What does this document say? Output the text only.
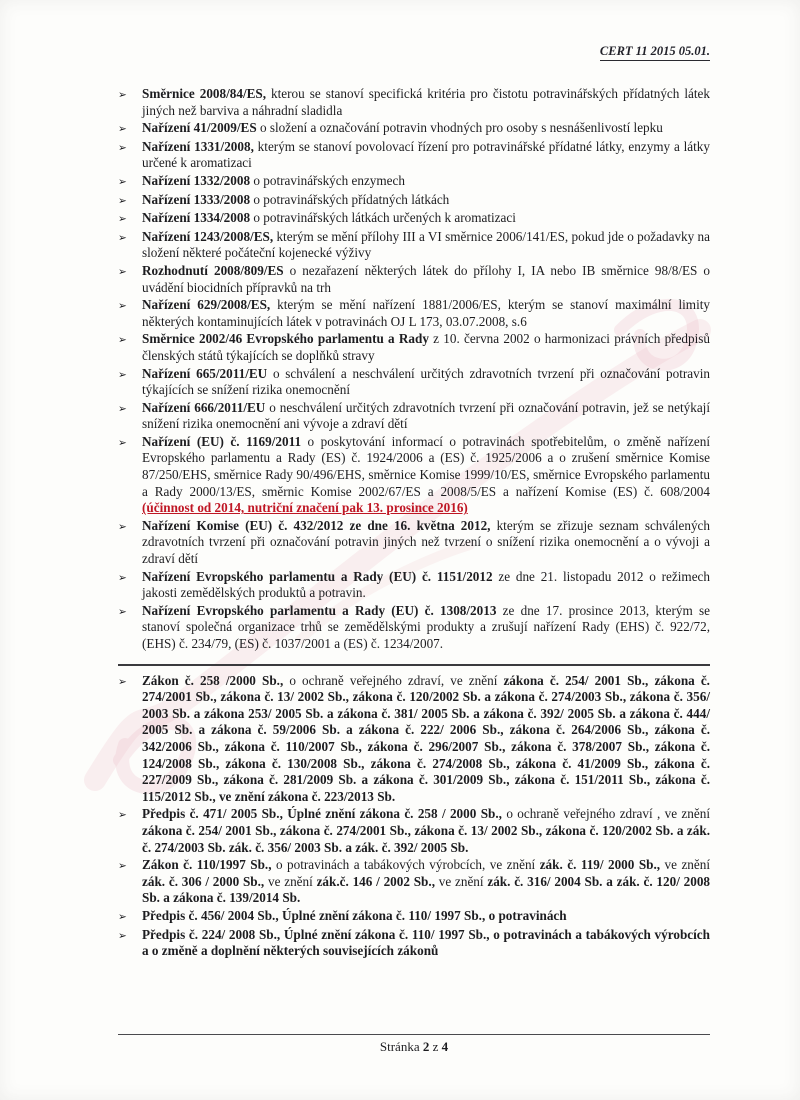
CERT 11 2015 05.01.
➢	Směrnice 2008/84/ES, kterou se stanoví specifická kritéria pro čistotu potravinářských přídatných látek jiných než barviva a náhradní sladidla
➢	Nařízení 41/2009/ES o složení a označování potravin vhodných pro osoby s nesnášenlivostí lepku
➢	Nařízení 1331/2008, kterým se stanoví povolovací řízení pro potravinářské přídatné látky, enzymy a látky určené k aromatizaci
➢	Nařízení 1332/2008 o potravinářských enzymech
➢	Nařízení 1333/2008 o potravinářských přídatných látkách
➢	Nařízení 1334/2008 o potravinářských látkách určených k aromatizaci
➢	Nařízení 1243/2008/ES, kterým se mění přílohy III a VI směrnice 2006/141/ES, pokud jde o požadavky na složení některé počáteční kojenecké výživy
➢	Rozhodnutí 2008/809/ES o nezařazení některých látek do přílohy I, IA nebo IB směrnice 98/8/ES o uvádění biocidních přípravků na trh
➢	Nařízení 629/2008/ES, kterým se mění nařízení 1881/2006/ES, kterým se stanoví maximální limity některých kontaminujících látek v potravinách OJ L 173, 03.07.2008, s.6
➢	Směrnice 2002/46 Evropského parlamentu a Rady z 10. června 2002 o harmonizaci právních předpisů členských států týkajících se doplňků stravy
➢	Nařízení 665/2011/EU o schválení a neschválení určitých zdravotních tvrzení při označování potravin týkajících se snížení rizika onemocnění
➢	Nařízení 666/2011/EU o neschválení určitých zdravotních tvrzení při označování potravin, jež se netýkají snížení rizika onemocnění ani vývoje a zdraví dětí
➢	Nařízení (EU) č. 1169/2011 o poskytování informací o potravinách spotřebitelům, o změně nařízení Evropského parlamentu a Rady (ES) č. 1924/2006 a (ES) č. 1925/2006 a o zrušení směrnice Komise 87/250/EHS, směrnice Rady 90/496/EHS, směrnice Komise 1999/10/ES, směrnice Evropského parlamentu a Rady 2000/13/ES, směrnic Komise 2002/67/ES a 2008/5/ES a nařízení Komise (ES) č. 608/2004 (účinnost od 2014, nutriční značení pak 13. prosince 2016)
➢	Nařízení Komise (EU) č. 432/2012 ze dne 16. května 2012, kterým se zřizuje seznam schválených zdravotních tvrzení při označování potravin jiných než tvrzení o snížení rizika onemocnění a o vývoji a zdraví dětí
➢	Nařízení Evropského parlamentu a Rady (EU) č. 1151/2012 ze dne 21. listopadu 2012 o režimech jakosti zemědělských produktů a potravin.
➢	Nařízení Evropského parlamentu a Rady (EU) č. 1308/2013 ze dne 17. prosince 2013, kterým se stanoví společná organizace trhů se zemědělskými produkty a zrušují nařízení Rady (EHS) č. 922/72, (EHS) č. 234/79, (ES) č. 1037/2001 a (ES) č. 1234/2007.
➢	Zákon č. 258 /2000 Sb., o ochraně veřejného zdraví, ve znění zákona č. 254/ 2001 Sb., zákona č. 274/2001 Sb., zákona č. 13/ 2002 Sb., zákona č. 120/2002 Sb. a zákona č. 274/2003 Sb., zákona č. 356/ 2003 Sb. a zákona 253/ 2005 Sb. a zákona č. 381/ 2005 Sb. a zákona č. 392/ 2005 Sb. a zákona č. 444/ 2005 Sb. a zákona č. 59/2006 Sb. a zákona č. 222/ 2006 Sb., zákona č. 264/2006 Sb., zákona č. 342/2006 Sb., zákona č. 110/2007 Sb., zákona č. 296/2007 Sb., zákona č. 378/2007 Sb., zákona č. 124/2008 Sb., zákona č. 130/2008 Sb., zákona č. 274/2008 Sb., zákona č. 41/2009 Sb., zákona č. 227/2009 Sb., zákona č. 281/2009 Sb. a zákona č. 301/2009 Sb., zákona č. 151/2011 Sb., zákona č. 115/2012 Sb., ve znění zákona č. 223/2013 Sb.
➢	Předpis č. 471/ 2005 Sb., Úplné znění zákona č. 258 / 2000 Sb., o ochraně veřejného zdraví , ve znění zákona č. 254/ 2001 Sb., zákona č. 274/2001 Sb., zákona č. 13/ 2002 Sb., zákona č. 120/2002 Sb. a zák. č. 274/2003 Sb. zák. č. 356/ 2003 Sb. a zák. č. 392/ 2005 Sb.
➢	Zákon č. 110/1997 Sb., o potravinách a tabákových výrobcích, ve znění zák. č. 119/ 2000 Sb., ve znění zák. č. 306 / 2000 Sb., ve znění zák.č. 146 / 2002 Sb., ve znění zák. č. 316/ 2004 Sb. a zák. č. 120/ 2008 Sb. a zákona č. 139/2014 Sb.
➢	Předpis č. 456/ 2004 Sb., Úplné znění zákona č. 110/ 1997 Sb., o potravinách
➢	Předpis č. 224/ 2008 Sb., Úplné znění zákona č. 110/ 1997 Sb., o potravinách a tabákových výrobcích a o změně a doplnění některých souvisejících zákonů
Stránka 2 z 4
